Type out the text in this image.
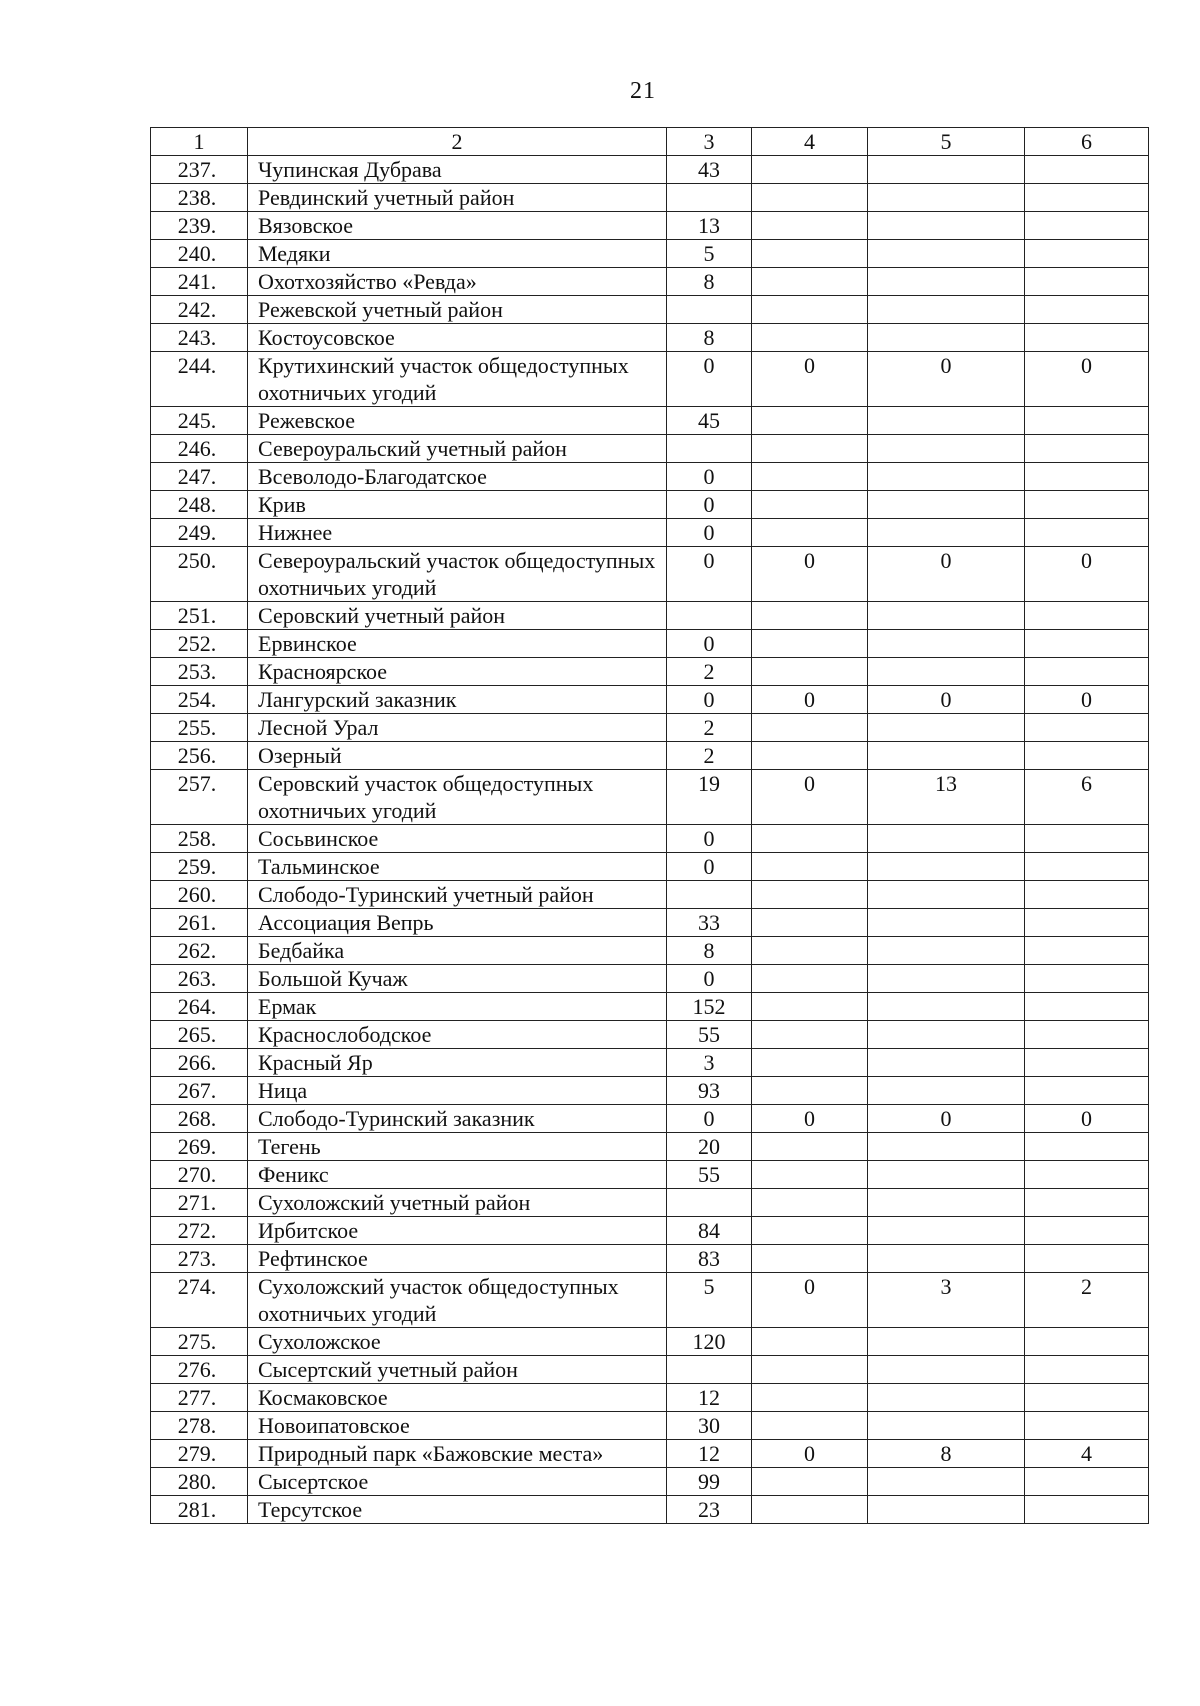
21
1	2	3	4	5	6
237.	Чупинская Дубрава	43			
238.	Ревдинский учетный район				
239.	Вязовское	13			
240.	Медяки	5			
241.	Охотхозяйство «Ревда»	8			
242.	Режевской учетный район				
243.	Костоусовское	8			
244.	Крутихинский участок общедоступных охотничьих угодий	0	0	0	0
245.	Режевское	45			
246.	Североуральский учетный район				
247.	Всеволодо-Благодатское	0			
248.	Крив	0			
249.	Нижнее	0			
250.	Североуральский участок общедоступных охотничьих угодий	0	0	0	0
251.	Серовский учетный район				
252.	Ервинское	0			
253.	Красноярское	2			
254.	Лангурский заказник	0	0	0	0
255.	Лесной Урал	2			
256.	Озерный	2			
257.	Серовский участок общедоступных охотничьих угодий	19	0	13	6
258.	Сосьвинское	0			
259.	Тальминское	0			
260.	Слободо-Туринский учетный район				
261.	Ассоциация Вепрь	33			
262.	Бедбайка	8			
263.	Большой Кучаж	0			
264.	Ермак	152			
265.	Краснослободское	55			
266.	Красный Яр	3			
267.	Ница	93			
268.	Слободо-Туринский заказник	0	0	0	0
269.	Тегень	20			
270.	Феникс	55			
271.	Сухоложский учетный район				
272.	Ирбитское	84			
273.	Рефтинское	83			
274.	Сухоложский участок общедоступных охотничьих угодий	5	0	3	2
275.	Сухоложское	120			
276.	Сысертский учетный район				
277.	Космаковское	12			
278.	Новоипатовское	30			
279.	Природный парк «Бажовские места»	12	0	8	4
280.	Сысертское	99			
281.	Терсутское	23			
